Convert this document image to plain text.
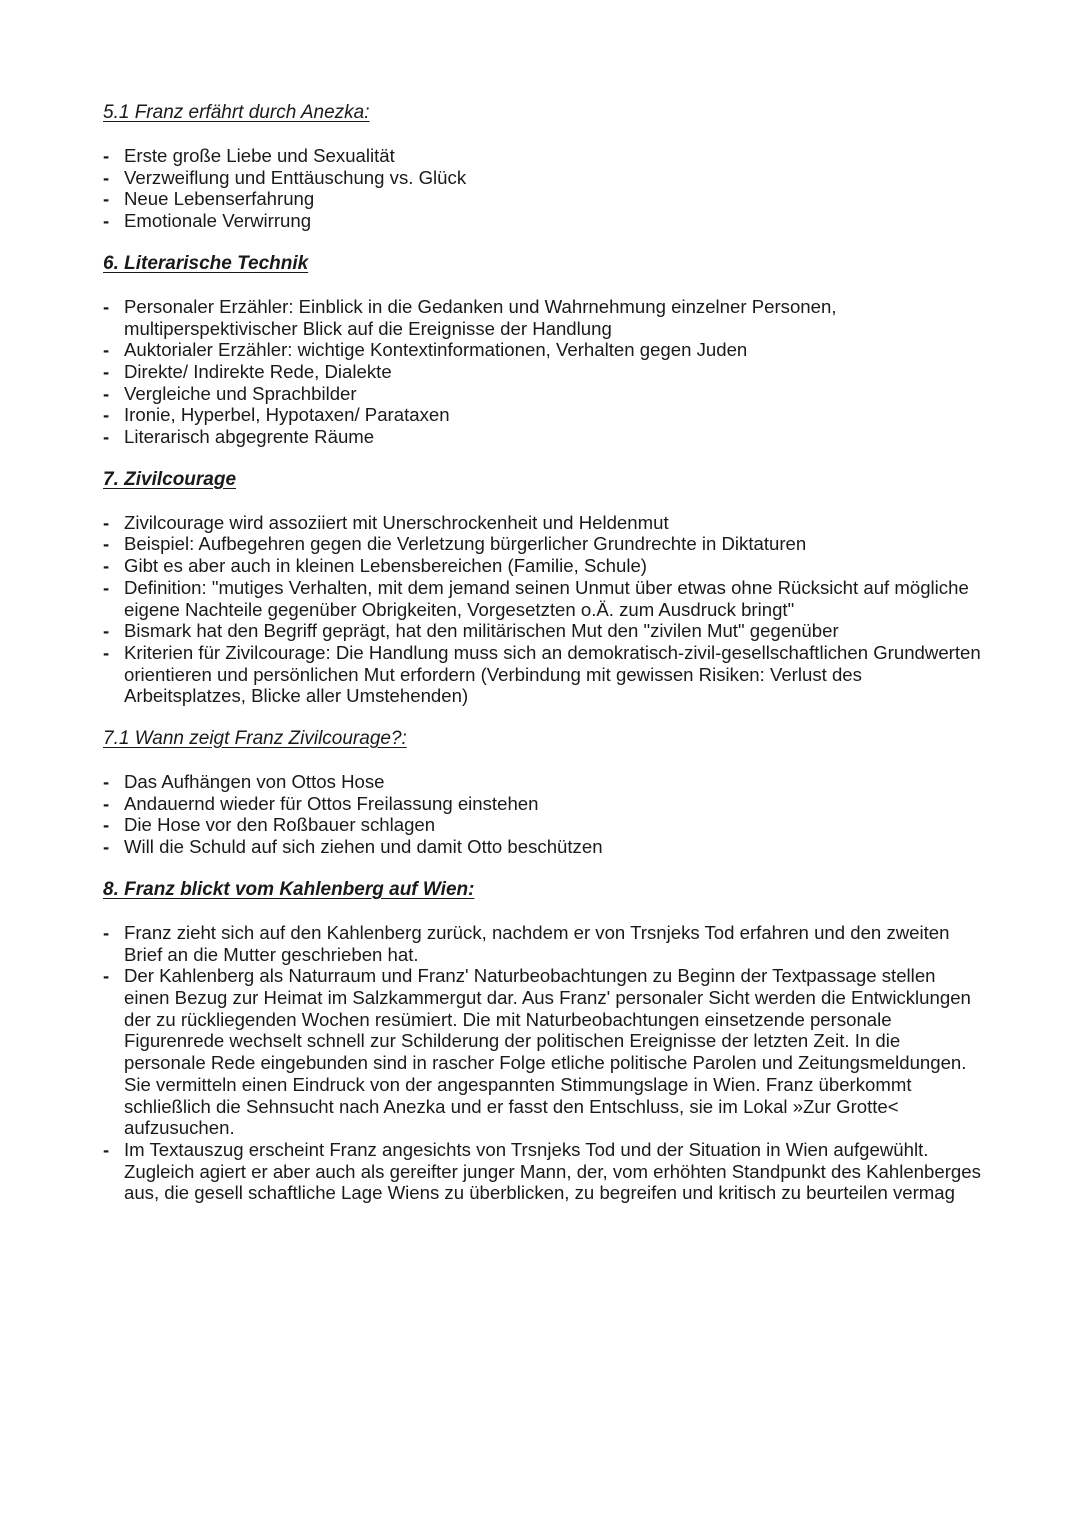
5.1 Franz erfährt durch Anezka:
- Erste große Liebe und Sexualität
- Verzweiflung und Enttäuschung vs. Glück
- Neue Lebenserfahrung
- Emotionale Verwirrung
6. Literarische Technik
- Personaler Erzähler: Einblick in die Gedanken und Wahrnehmung einzelner Personen, multiperspektivischer Blick auf die Ereignisse der Handlung
- Auktorialer Erzähler: wichtige Kontextinformationen, Verhalten gegen Juden
- Direkte/ Indirekte Rede, Dialekte
- Vergleiche und Sprachbilder
- Ironie, Hyperbel, Hypotaxen/ Parataxen
- Literarisch abgegrente Räume
7. Zivilcourage
- Zivilcourage wird assoziiert mit Unerschrockenheit und Heldenmut
- Beispiel: Aufbegehren gegen die Verletzung bürgerlicher Grundrechte in Diktaturen
- Gibt es aber auch in kleinen Lebensbereichen (Familie, Schule)
- Definition: "mutiges Verhalten, mit dem jemand seinen Unmut über etwas ohne Rücksicht auf mögliche eigene Nachteile gegenüber Obrigkeiten, Vorgesetzten o.Ä. zum Ausdruck bringt"
- Bismark hat den Begriff geprägt, hat den militärischen Mut den "zivilen Mut" gegenüber
- Kriterien für Zivilcourage: Die Handlung muss sich an demokratisch-zivil-gesellschaftlichen Grundwerten orientieren und persönlichen Mut erfordern (Verbindung mit gewissen Risiken: Verlust des Arbeitsplatzes, Blicke aller Umstehenden)
7.1 Wann zeigt Franz Zivilcourage?:
- Das Aufhängen von Ottos Hose
- Andauernd wieder für Ottos Freilassung einstehen
- Die Hose vor den Roßbauer schlagen
- Will die Schuld auf sich ziehen und damit Otto beschützen
8. Franz blickt vom Kahlenberg auf Wien:
- Franz zieht sich auf den Kahlenberg zurück, nachdem er von Trsnjeks Tod erfahren und den zweiten Brief an die Mutter geschrieben hat.
- Der Kahlenberg als Naturraum und Franz' Naturbeobachtungen zu Beginn der Textpassage stellen einen Bezug zur Heimat im Salzkammergut dar. Aus Franz' personaler Sicht werden die Entwicklungen der zu rückliegenden Wochen resümiert. Die mit Naturbeobachtungen einsetzende personale Figurenrede wechselt schnell zur Schilderung der politischen Ereignisse der letzten Zeit. In die personale Rede eingebunden sind in rascher Folge etliche politische Parolen und Zeitungsmeldungen. Sie vermitteln einen Eindruck von der angespannten Stimmungslage in Wien. Franz überkommt schließlich die Sehnsucht nach Anezka und er fasst den Entschluss, sie im Lokal »Zur Grotte< aufzusuchen.
- Im Textauszug erscheint Franz angesichts von Trsnjeks Tod und der Situation in Wien aufgewühlt. Zugleich agiert er aber auch als gereifter junger Mann, der, vom erhöhten Standpunkt des Kahlenberges aus, die gesell schaftliche Lage Wiens zu überblicken, zu begreifen und kritisch zu beurteilen vermag
